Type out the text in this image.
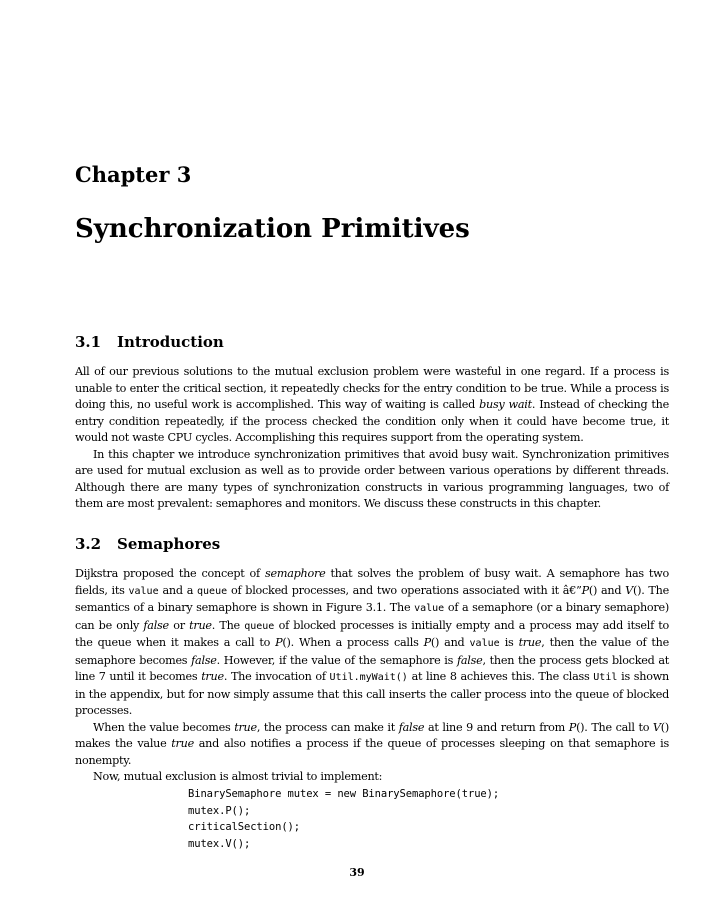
Chapter 3
Synchronization Primitives
3.1 Introduction

All of our previous solutions to the mutual exclusion problem were wasteful in one regard. If a process is unable to enter the critical section, it repeatedly checks for the entry condition to be true. While a process is doing this, no useful work is accomplished. This way of waiting is called busy wait. Instead of checking the entry condition repeatedly, if the process checked the condition only when it could have become true, it would not waste CPU cycles. Accomplishing this requires support from the operating system.

In this chapter we introduce synchronization primitives that avoid busy wait. Synchronization primitives are used for mutual exclusion as well as to provide order between various operations by different threads. Although there are many types of synchronization constructs in various programming languages, two of them are most prevalent: semaphores and monitors. We discuss these constructs in this chapter.

3.2 Semaphores

Dijkstra proposed the concept of semaphore that solves the problem of busy wait. A semaphore has two fields, its value and a queue of blocked processes, and two operations associated with it â€”P() and V(). The semantics of a binary semaphore is shown in Figure 3.1. The value of a semaphore (or a binary semaphore) can be only false or true. The queue of blocked processes is initially empty and a process may add itself to the queue when it makes a call to P(). When a process calls P() and value is true, then the value of the semaphore becomes false. However, if the value of the semaphore is false, then the process gets blocked at line 7 until it becomes true. The invocation of Util.myWait() at line 8 achieves this. The class Util is shown in the appendix, but for now simply assume that this call inserts the caller process into the queue of blocked processes.

When the value becomes true, the process can make it false at line 9 and return from P(). The call to V() makes the value true and also notifies a process if the queue of processes sleeping on that semaphore is nonempty.

Now, mutual exclusion is almost trivial to implement:

BinarySemaphore mutex = new BinarySemaphore(true);
mutex.P();
criticalSection();
mutex.V();
39
